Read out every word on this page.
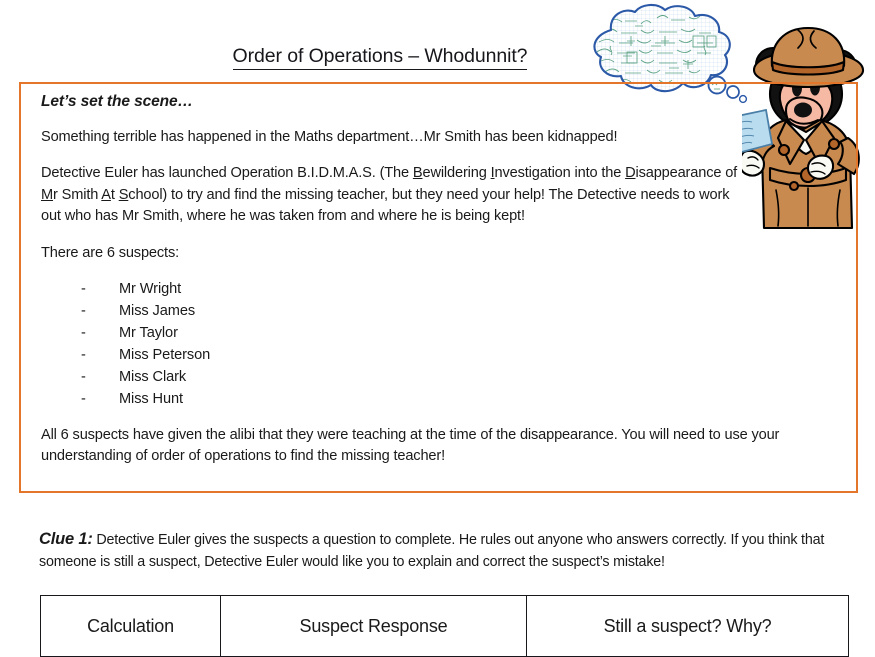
Order of Operations – Whodunnit?

Let’s set the scene…

Something terrible has happened in the Maths department…Mr Smith has been kidnapped!

Detective Euler has launched Operation B.I.D.M.A.S. (The Bewildering Investigation into the Disappearance of Mr Smith At School) to try and find the missing teacher, but they need your help! The Detective needs to work out who has Mr Smith, where he was taken from and where he is being kept!

There are 6 suspects:

- Mr Wright
- Miss James
- Mr Taylor
- Miss Peterson
- Miss Clark
- Miss Hunt

All 6 suspects have given the alibi that they were teaching at the time of the disappearance. You will need to use your understanding of order of operations to find the missing teacher!

Clue 1: Detective Euler gives the suspects a question to complete. He rules out anyone who answers correctly. If you think that someone is still a suspect, Detective Euler would like you to explain and correct the suspect’s mistake!

Calculation	Suspect Response	Still a suspect? Why?
